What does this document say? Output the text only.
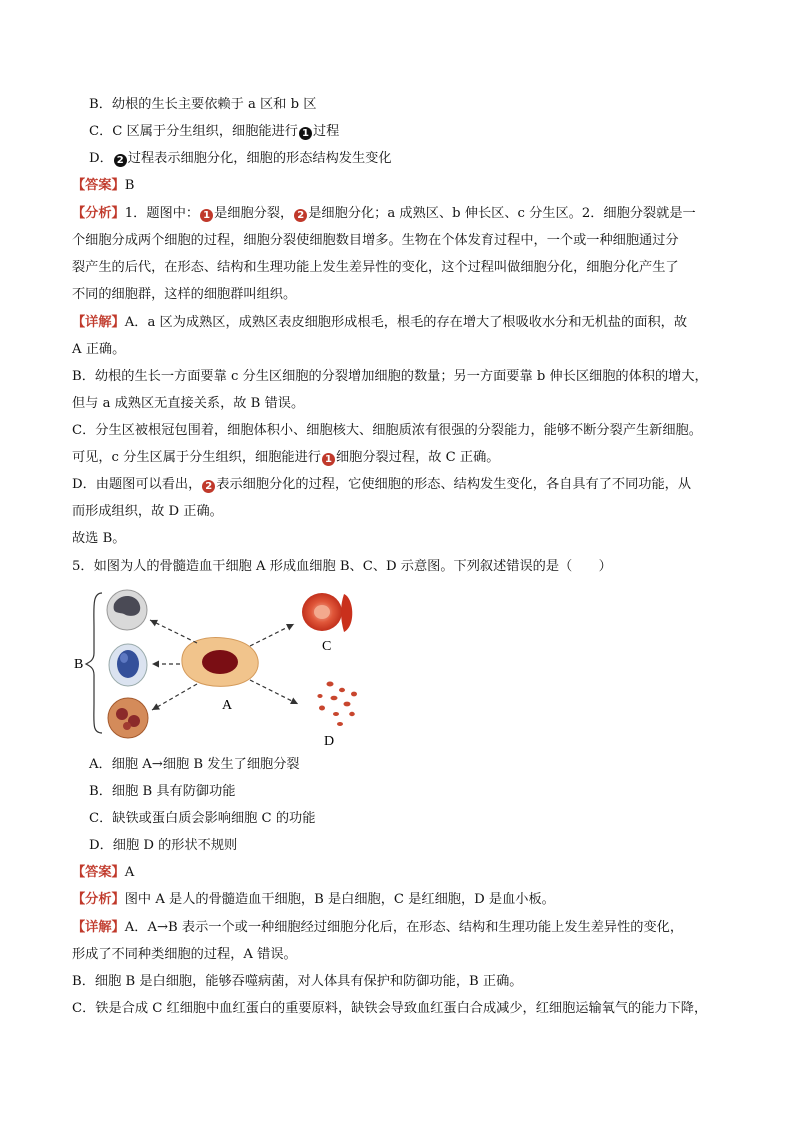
B．幼根的生长主要依赖于 a 区和 b 区
C．C 区属于分生组织，细胞能进行 1 过程
D． 2 过程表示细胞分化，细胞的形态结构发生变化
【答案】B
【分析】1．题图中： 1 是细胞分裂， 2 是细胞分化；a 成熟区、b 伸长区、c 分生区。2．细胞分裂就是一
个细胞分成两个细胞的过程，细胞分裂使细胞数目增多。生物在个体发育过程中，一个或一种细胞通过分
裂产生的后代，在形态、结构和生理功能上发生差异性的变化，这个过程叫做细胞分化，细胞分化产生了
不同的细胞群，这样的细胞群叫组织。
【详解】A．a 区为成熟区，成熟区表皮细胞形成根毛，根毛的存在增大了根吸收水分和无机盐的面积，故
A 正确。
B．幼根的生长一方面要靠 c 分生区细胞的分裂增加细胞的数量；另一方面要靠 b 伸长区细胞的体积的增大，
但与 a 成熟区无直接关系，故 B 错误。
C．分生区被根冠包围着，细胞体积小、细胞核大、细胞质浓有很强的分裂能力，能够不断分裂产生新细胞。
可见，c 分生区属于分生组织，细胞能进行 1 细胞分裂过程，故 C 正确。
D．由题图可以看出， 2 表示细胞分化的过程，它使细胞的形态、结构发生变化，各自具有了不同功能，从
而形成组织，故 D 正确。
故选 B。
5．如图为人的骨髓造血干细胞 A 形成血细胞 B、C、D 示意图。下列叙述错误的是（　　）
B
A
C
D
A．细胞 A→细胞 B 发生了细胞分裂
B．细胞 B 具有防御功能
C．缺铁或蛋白质会影响细胞 C 的功能
D．细胞 D 的形状不规则
【答案】A
【分析】图中 A 是人的骨髓造血干细胞，B 是白细胞，C 是红细胞，D 是血小板。
【详解】A．A→B 表示一个或一种细胞经过细胞分化后，在形态、结构和生理功能上发生差异性的变化，
形成了不同种类细胞的过程，A 错误。
B．细胞 B 是白细胞，能够吞噬病菌，对人体具有保护和防御功能，B 正确。
C．铁是合成 C 红细胞中血红蛋白的重要原料，缺铁会导致血红蛋白合成减少，红细胞运输氧气的能力下降，
